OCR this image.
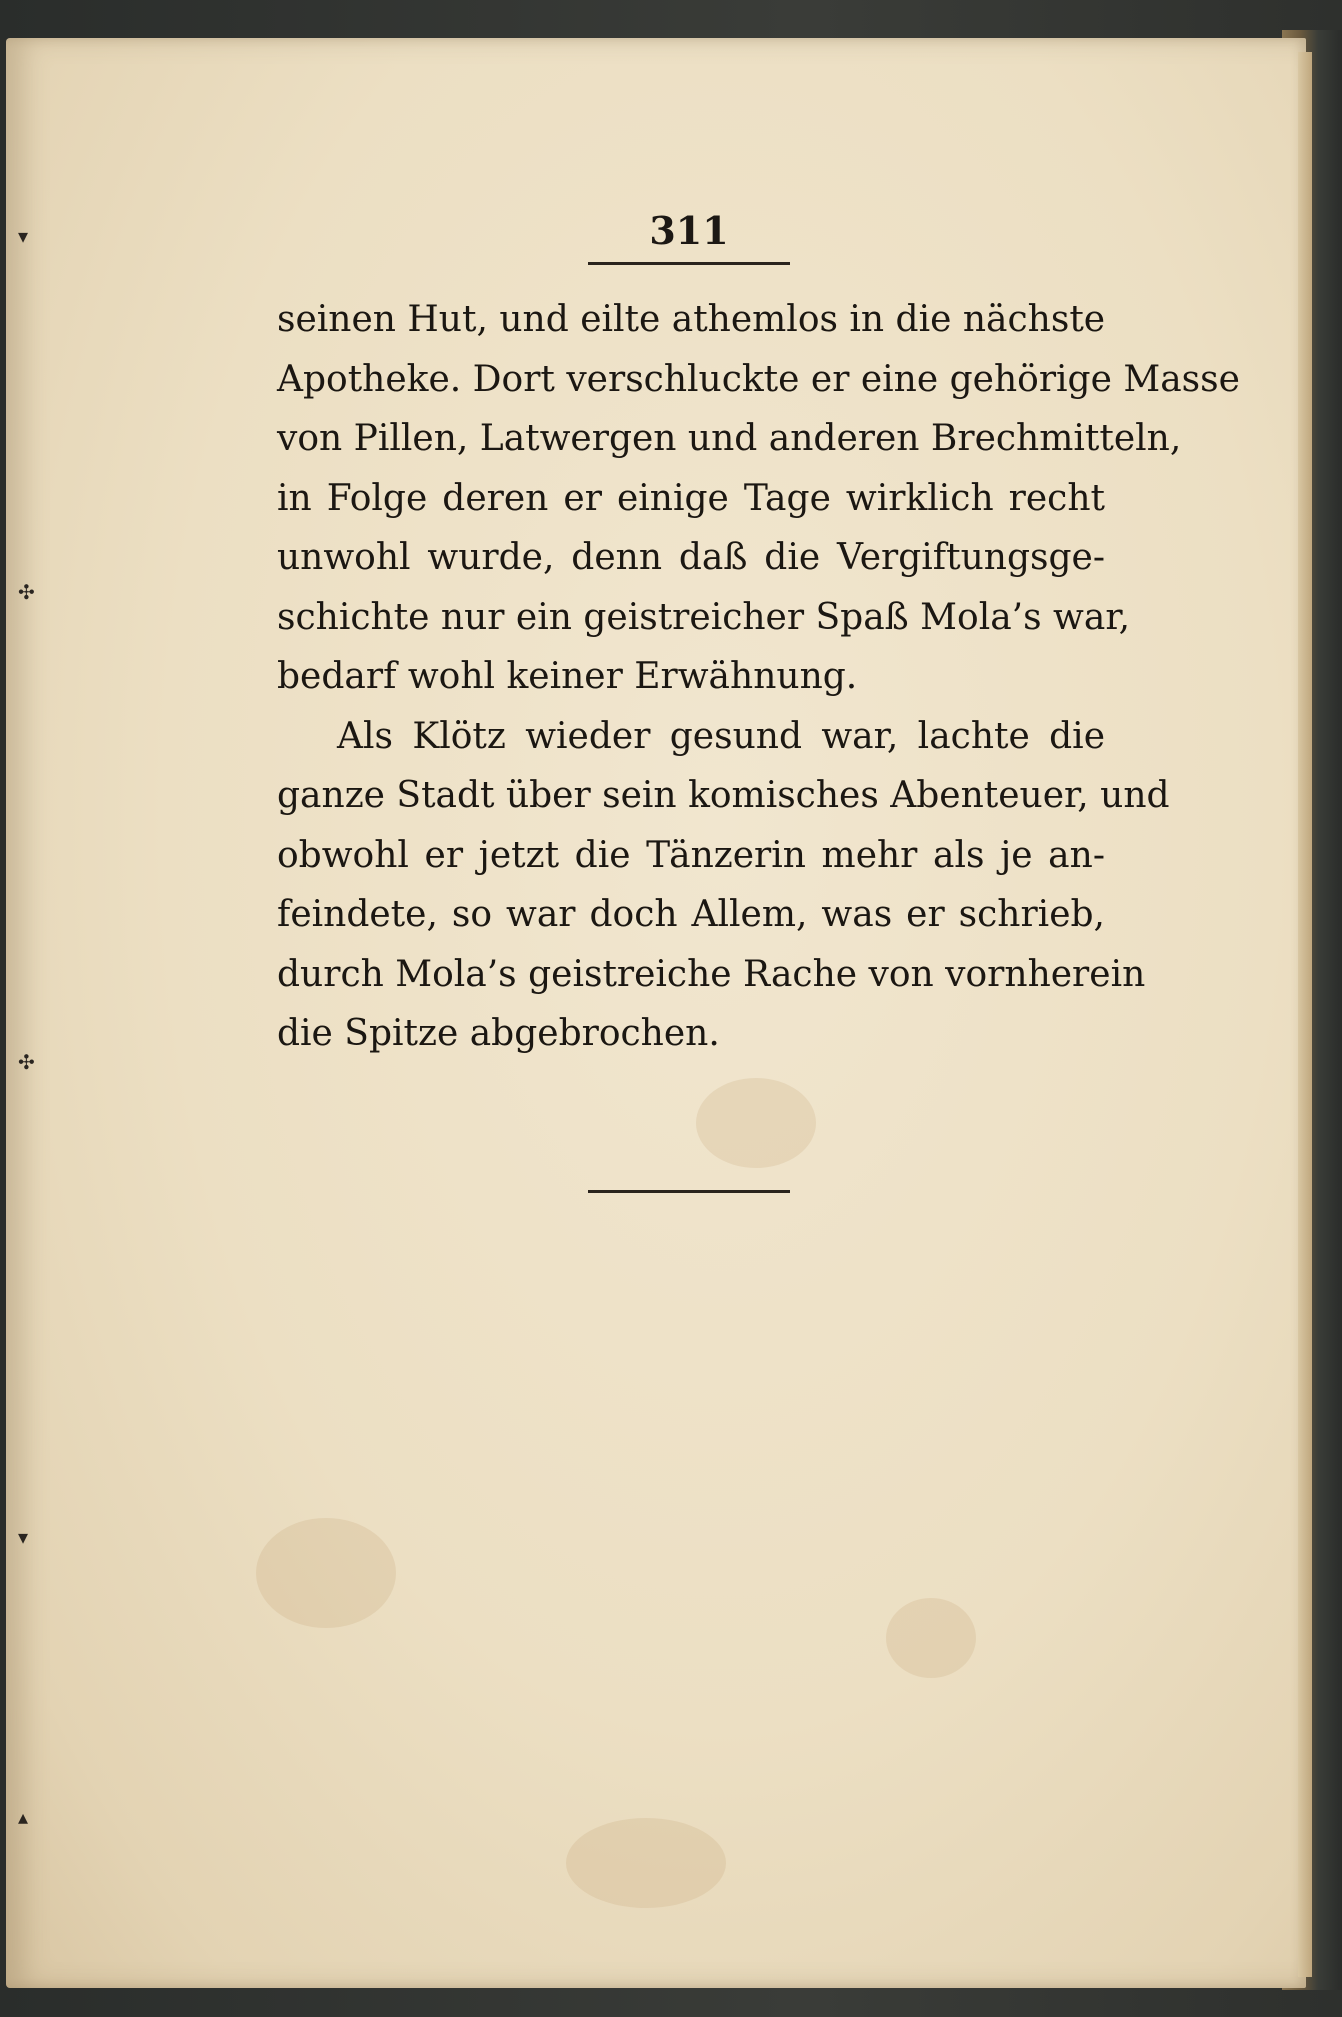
▾
✣
✣
▾
▴
311
seinen Hut, und eilte athemlos in die nächste
Apotheke. Dort verschluckte er eine gehörige Masse
von Pillen, Latwergen und anderen Brechmitteln,
in Folge deren er einige Tage wirklich recht
unwohl wurde, denn daß die Vergiftungsge-
schichte nur ein geistreicher Spaß Mola’s war,
bedarf wohl keiner Erwähnung.
Als Klötz wieder gesund war, lachte die
ganze Stadt über sein komisches Abenteuer, und
obwohl er jetzt die Tänzerin mehr als je an-
feindete, so war doch Allem, was er schrieb,
durch Mola’s geistreiche Rache von vornherein
die Spitze abgebrochen.
